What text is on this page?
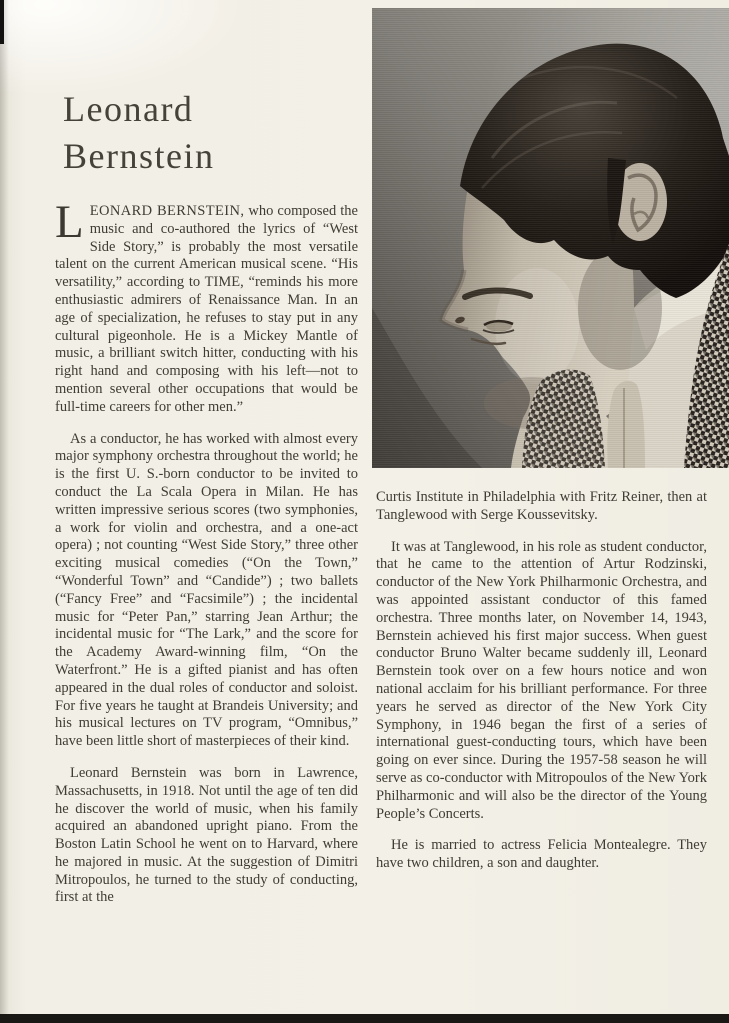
Leonard
Bernstein

LEONARD BERNSTEIN, who composed the music and co-authored the lyrics of “West Side Story,” is probably the most versatile talent on the current American musical scene. “His versatility,” according to TIME, “reminds his more enthusiastic admirers of Renaissance Man. In an age of specialization, he refuses to stay put in any cultural pigeonhole. He is a Mickey Mantle of music, a brilliant switch hitter, conducting with his right hand and composing with his left—not to mention several other occupations that would be full-time careers for other men.”

As a conductor, he has worked with almost every major symphony orchestra throughout the world; he is the first U. S.-born conductor to be invited to conduct the La Scala Opera in Milan. He has written impressive serious scores (two symphonies, a work for violin and orchestra, and a one-act opera) ; not counting “West Side Story,” three other exciting musical comedies (“On the Town,” “Wonderful Town” and “Candide”) ; two ballets (“Fancy Free” and “Facsimile”) ; the incidental music for “Peter Pan,” starring Jean Arthur; the incidental music for “The Lark,” and the score for the Academy Award-winning film, “On the Waterfront.” He is a gifted pianist and has often appeared in the dual roles of conductor and soloist. For five years he taught at Brandeis University; and his musical lectures on TV program, “Omnibus,” have been little short of masterpieces of their kind.

Leonard Bernstein was born in Lawrence, Massachusetts, in 1918. Not until the age of ten did he discover the world of music, when his family acquired an abandoned upright piano. From the Boston Latin School he went on to Harvard, where he majored in music. At the suggestion of Dimitri Mitropoulos, he turned to the study of conducting, first at the

Curtis Institute in Philadelphia with Fritz Reiner, then at Tanglewood with Serge Koussevitsky.

It was at Tanglewood, in his role as student conductor, that he came to the attention of Artur Rodzinski, conductor of the New York Philharmonic Orchestra, and was appointed assistant conductor of this famed orchestra. Three months later, on November 14, 1943, Bernstein achieved his first major success. When guest conductor Bruno Walter became suddenly ill, Leonard Bernstein took over on a few hours notice and won national acclaim for his brilliant performance. For three years he served as director of the New York City Symphony, in 1946 began the first of a series of international guest-conducting tours, which have been going on ever since. During the 1957-58 season he will serve as co-conductor with Mitropoulos of the New York Philharmonic and will also be the director of the Young People’s Concerts.

He is married to actress Felicia Montealegre. They have two children, a son and daughter.
